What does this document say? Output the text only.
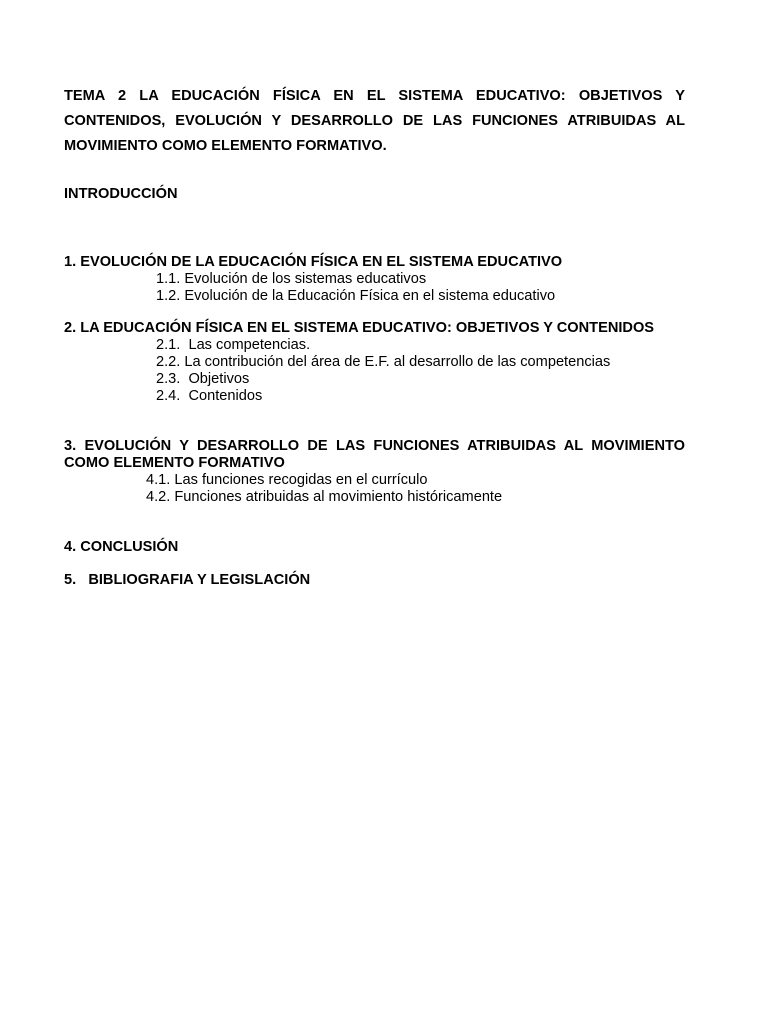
TEMA 2 LA EDUCACIÓN FÍSICA EN EL SISTEMA EDUCATIVO: OBJETIVOS Y CONTENIDOS, EVOLUCIÓN Y DESARROLLO DE LAS FUNCIONES ATRIBUIDAS AL MOVIMIENTO COMO ELEMENTO FORMATIVO.

INTRODUCCIÓN

1. EVOLUCIÓN DE LA EDUCACIÓN FÍSICA EN EL SISTEMA EDUCATIVO

1.1. Evolución de los sistemas educativos

1.2. Evolución de la Educación Física en el sistema educativo

2. LA EDUCACIÓN FÍSICA EN EL SISTEMA EDUCATIVO: OBJETIVOS Y CONTENIDOS

2.1.  Las competencias.

2.2. La contribución del área de E.F. al desarrollo de las competencias

2.3.  Objetivos

2.4.  Contenidos

3. EVOLUCIÓN Y DESARROLLO DE LAS FUNCIONES ATRIBUIDAS AL MOVIMIENTO COMO ELEMENTO FORMATIVO

4.1. Las funciones recogidas en el currículo

4.2. Funciones atribuidas al movimiento históricamente

4. CONCLUSIÓN

5.   BIBLIOGRAFIA Y LEGISLACIÓN
